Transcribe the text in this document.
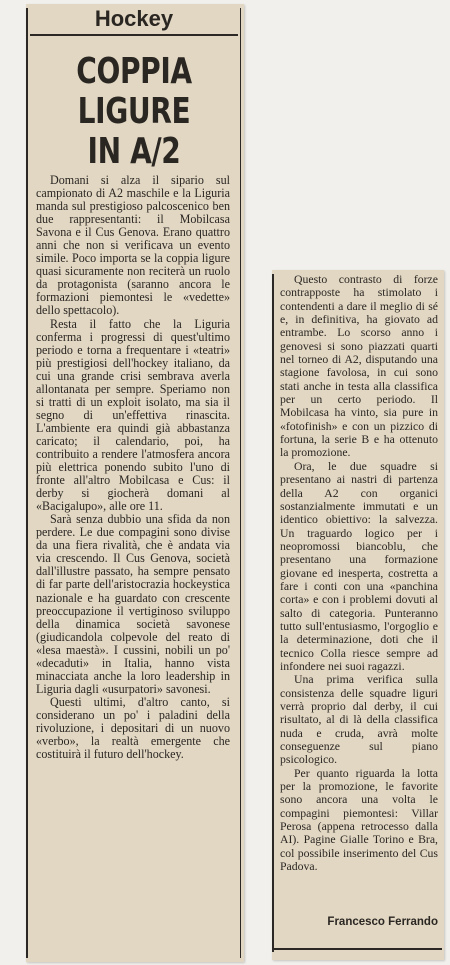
Hockey
COPPIA
LIGURE
IN A/2

Domani si alza il sipario sul campionato di A2 maschile e la Liguria manda sul prestigioso palcoscenico ben due rappresentanti: il Mobilcasa Savona e il Cus Genova. Erano quattro anni che non si verificava un evento simile. Poco importa se la coppia ligure quasi sicuramente non reciterà un ruolo da protagonista (saranno ancora le formazioni piemontesi le «vedette» dello spettacolo).

Resta il fatto che la Liguria conferma i progressi di quest'ultimo periodo e torna a frequentare i «teatri» più prestigiosi dell'hockey italiano, da cui una grande crisi sembrava averla allontanata per sempre. Speriamo non si tratti di un exploit isolato, ma sia il segno di un'effettiva rinascita. L'ambiente era quindi già abbastanza caricato; il calendario, poi, ha contribuito a rendere l'atmosfera ancora più elettrica ponendo subito l'uno di fronte all'altro Mobilcasa e Cus: il derby si giocherà domani al «Bacigalupo», alle ore 11.

Sarà senza dubbio una sfida da non perdere. Le due compagini sono divise da una fiera rivalità, che è andata via via crescendo. Il Cus Genova, società dall'illustre passato, ha sempre pensato di far parte dell'aristocrazia hockeystica nazionale e ha guardato con crescente preoccupazione il vertiginoso sviluppo della dinamica società savonese (giudicandola colpevole del reato di «lesa maestà». I cussini, nobili un po' «decaduti» in Italia, hanno vista minacciata anche la loro leadership in Liguria dagli «usurpatori» savonesi.

Questi ultimi, d'altro canto, si considerano un po' i paladini della rivoluzione, i depositari di un nuovo «verbo», la realtà emergente che costituirà il futuro dell'hockey.

Questo contrasto di forze contrapposte ha stimolato i contendenti a dare il meglio di sé e, in definitiva, ha giovato ad entrambe. Lo scorso anno i genovesi si sono piazzati quarti nel torneo di A2, disputando una stagione favolosa, in cui sono stati anche in testa alla classifica per un certo periodo. Il Mobilcasa ha vinto, sia pure in «fotofinish» e con un pizzico di fortuna, la serie B e ha ottenuto la promozione.

Ora, le due squadre si presentano ai nastri di partenza della A2 con organici sostanzialmente immutati e un identico obiettivo: la salvezza. Un traguardo logico per i neopromossi biancoblu, che presentano una formazione giovane ed inesperta, costretta a fare i conti con una «panchina corta» e con i problemi dovuti al salto di categoria. Punteranno tutto sull'entusiasmo, l'orgoglio e la determinazione, doti che il tecnico Colla riesce sempre ad infondere nei suoi ragazzi.

Una prima verifica sulla consistenza delle squadre liguri verrà proprio dal derby, il cui risultato, al di là della classifica nuda e cruda, avrà molte conseguenze sul piano psicologico.

Per quanto riguarda la lotta per la promozione, le favorite sono ancora una volta le compagini piemontesi: Villar Perosa (appena retrocesso dalla AI). Pagine Gialle Torino e Bra, col possibile inserimento del Cus Padova.

Francesco Ferrando
